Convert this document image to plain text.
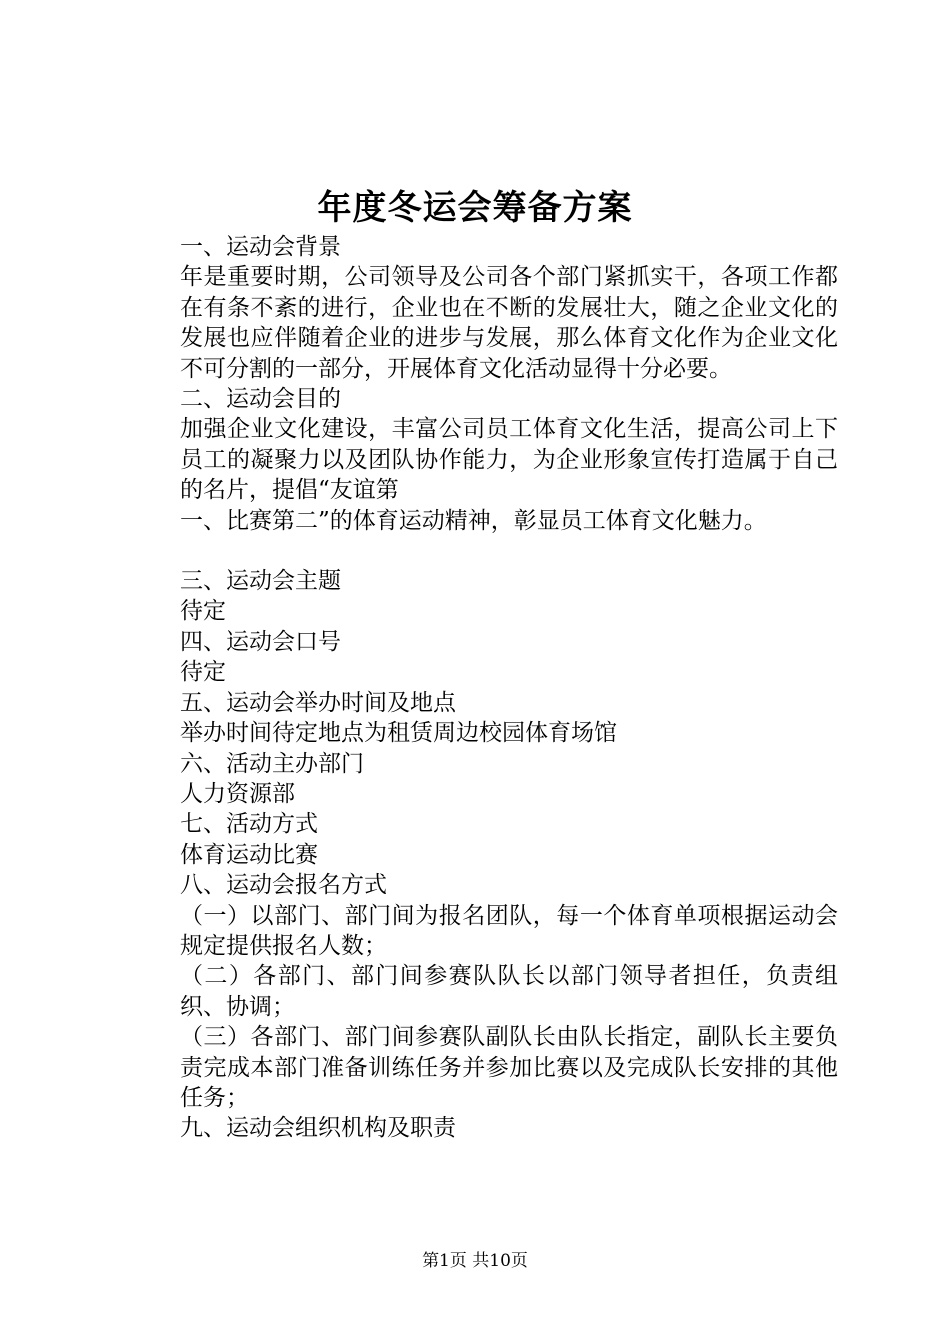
年度冬运会筹备方案

一、运动会背景

年是重要时期，公司领导及公司各个部门紧抓实干，各项工作都在有条不紊的进行，企业也在不断的发展壮大，随之企业文化的发展也应伴随着企业的进步与发展，那么体育文化作为企业文化不可分割的一部分，开展体育文化活动显得十分必要。

二、运动会目的

加强企业文化建设，丰富公司员工体育文化生活，提高公司上下员工的凝聚力以及团队协作能力，为企业形象宣传打造属于自己的名片，提倡“友谊第

一、比赛第二”的体育运动精神，彰显员工体育文化魅力。

三、运动会主题

待定

四、运动会口号

待定

五、运动会举办时间及地点

举办时间待定地点为租赁周边校园体育场馆

六、活动主办部门

人力资源部

七、活动方式

体育运动比赛

八、运动会报名方式

（一）以部门、部门间为报名团队，每一个体育单项根据运动会规定提供报名人数；

（二）各部门、部门间参赛队队长以部门领导者担任，负责组织、协调；

（三）各部门、部门间参赛队副队长由队长指定，副队长主要负责完成本部门准备训练任务并参加比赛以及完成队长安排的其他任务；

九、运动会组织机构及职责

第1页 共10页
